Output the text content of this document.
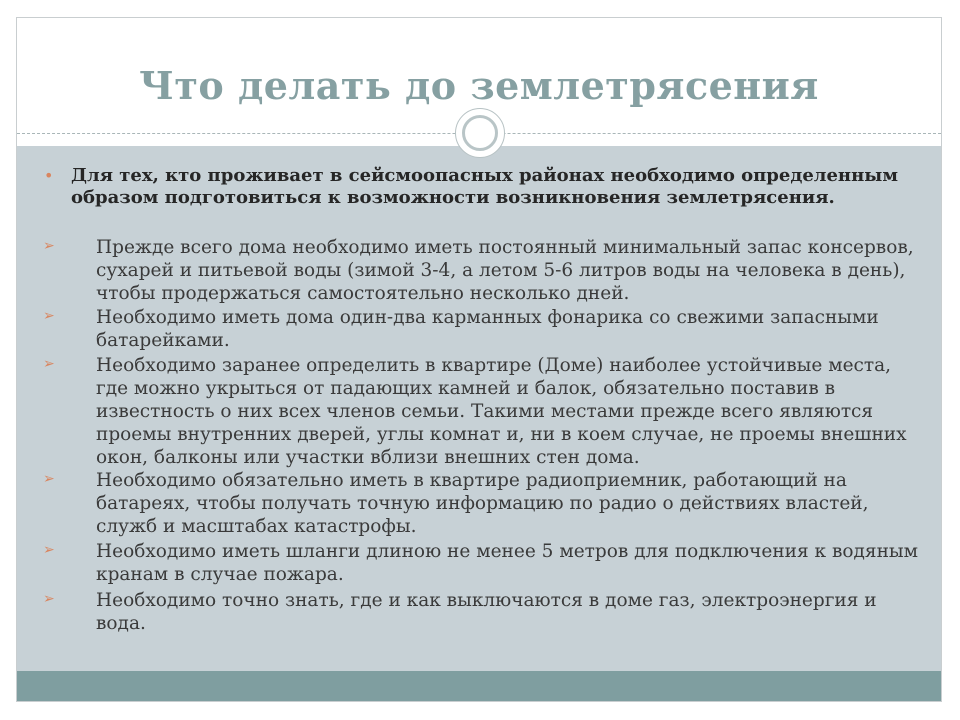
Что делать до землетрясения
• Для тех, кто проживает в сейсмоопасных районах необходимо определенным образом подготовиться к возможности возникновения землетрясения.
➢ Прежде всего дома необходимо иметь постоянный минимальный запас консервов, сухарей и питьевой воды (зимой 3-4, а летом 5-6 литров воды на человека в день), чтобы продержаться самостоятельно несколько дней.
➢ Необходимо иметь дома один-два карманных фонарика со свежими запасными батарейками.
➢ Необходимо заранее определить в квартире (Доме) наиболее устойчивые места, где можно укрыться от падающих камней и балок, обязательно поставив в известность о них всех членов семьи. Такими местами прежде всего являются проемы внутренних дверей, углы комнат и, ни в коем случае, не проемы внешних окон, балконы или участки вблизи внешних стен дома.
➢ Необходимо обязательно иметь в квартире радиоприемник, работающий на батареях, чтобы получать точную информацию по радио о действиях властей, служб и масштабах катастрофы.
➢ Необходимо иметь шланги длиною не менее 5 метров для подключения к водяным кранам в случае пожара.
➢ Необходимо точно знать, где и как выключаются в доме газ, электроэнергия и вода.
